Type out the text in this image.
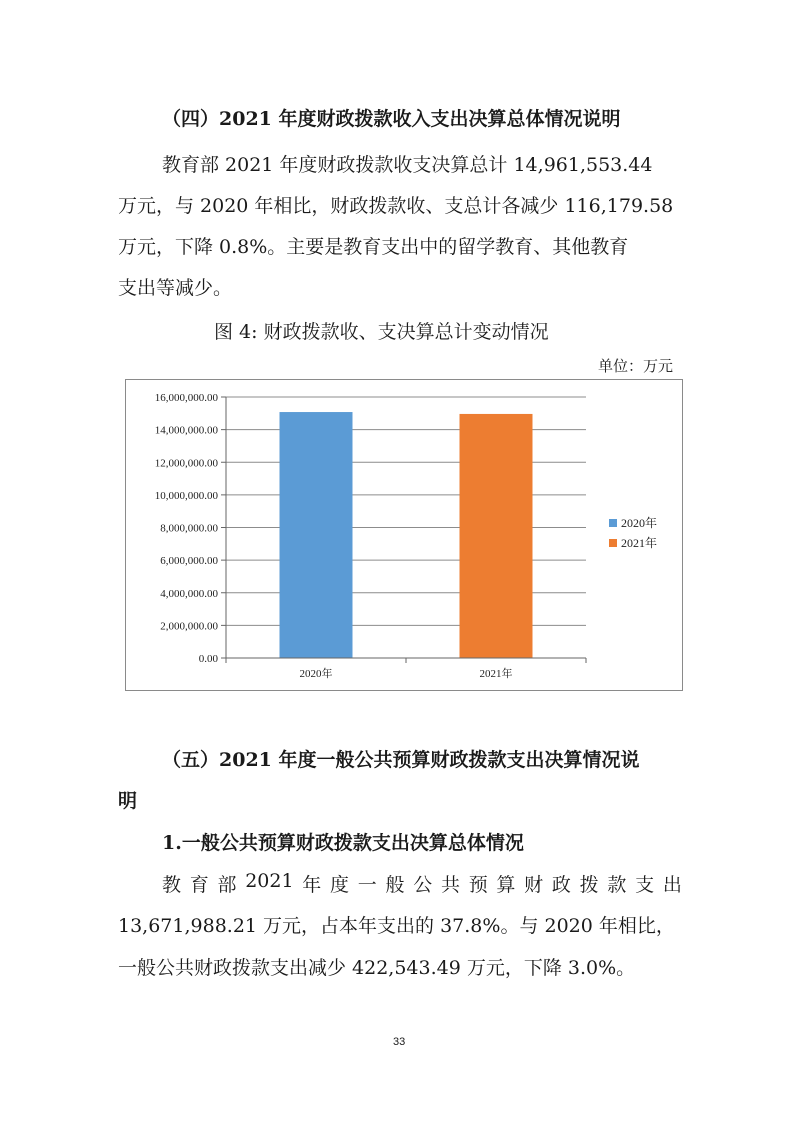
（四）2021 年度财政拨款收入支出决算总体情况说明
教育部 2021 年度财政拨款收支决算总计 14,961,553.44
万元，与 2020 年相比，财政拨款收、支总计各减少 116,179.58
万元，下降 0.8%。主要是教育支出中的留学教育、其他教育
支出等减少。
图 4: 财政拨款收、支决算总计变动情况
单位：万元
0.00
2,000,000.00
4,000,000.00
6,000,000.00
8,000,000.00
10,000,000.00
12,000,000.00
14,000,000.00
16,000,000.00
2020年	2021年
2020年
2021年
（五）2021 年度一般公共预算财政拨款支出决算情况说
明
1.一般公共预算财政拨款支出决算总体情况
教 育 部 2021 年 度 一 般 公 共 预 算 财 政 拨 款 支 出
13,671,988.21 万元，占本年支出的 37.8%。与 2020 年相比，
一般公共财政拨款支出减少 422,543.49 万元，下降 3.0%。
33
